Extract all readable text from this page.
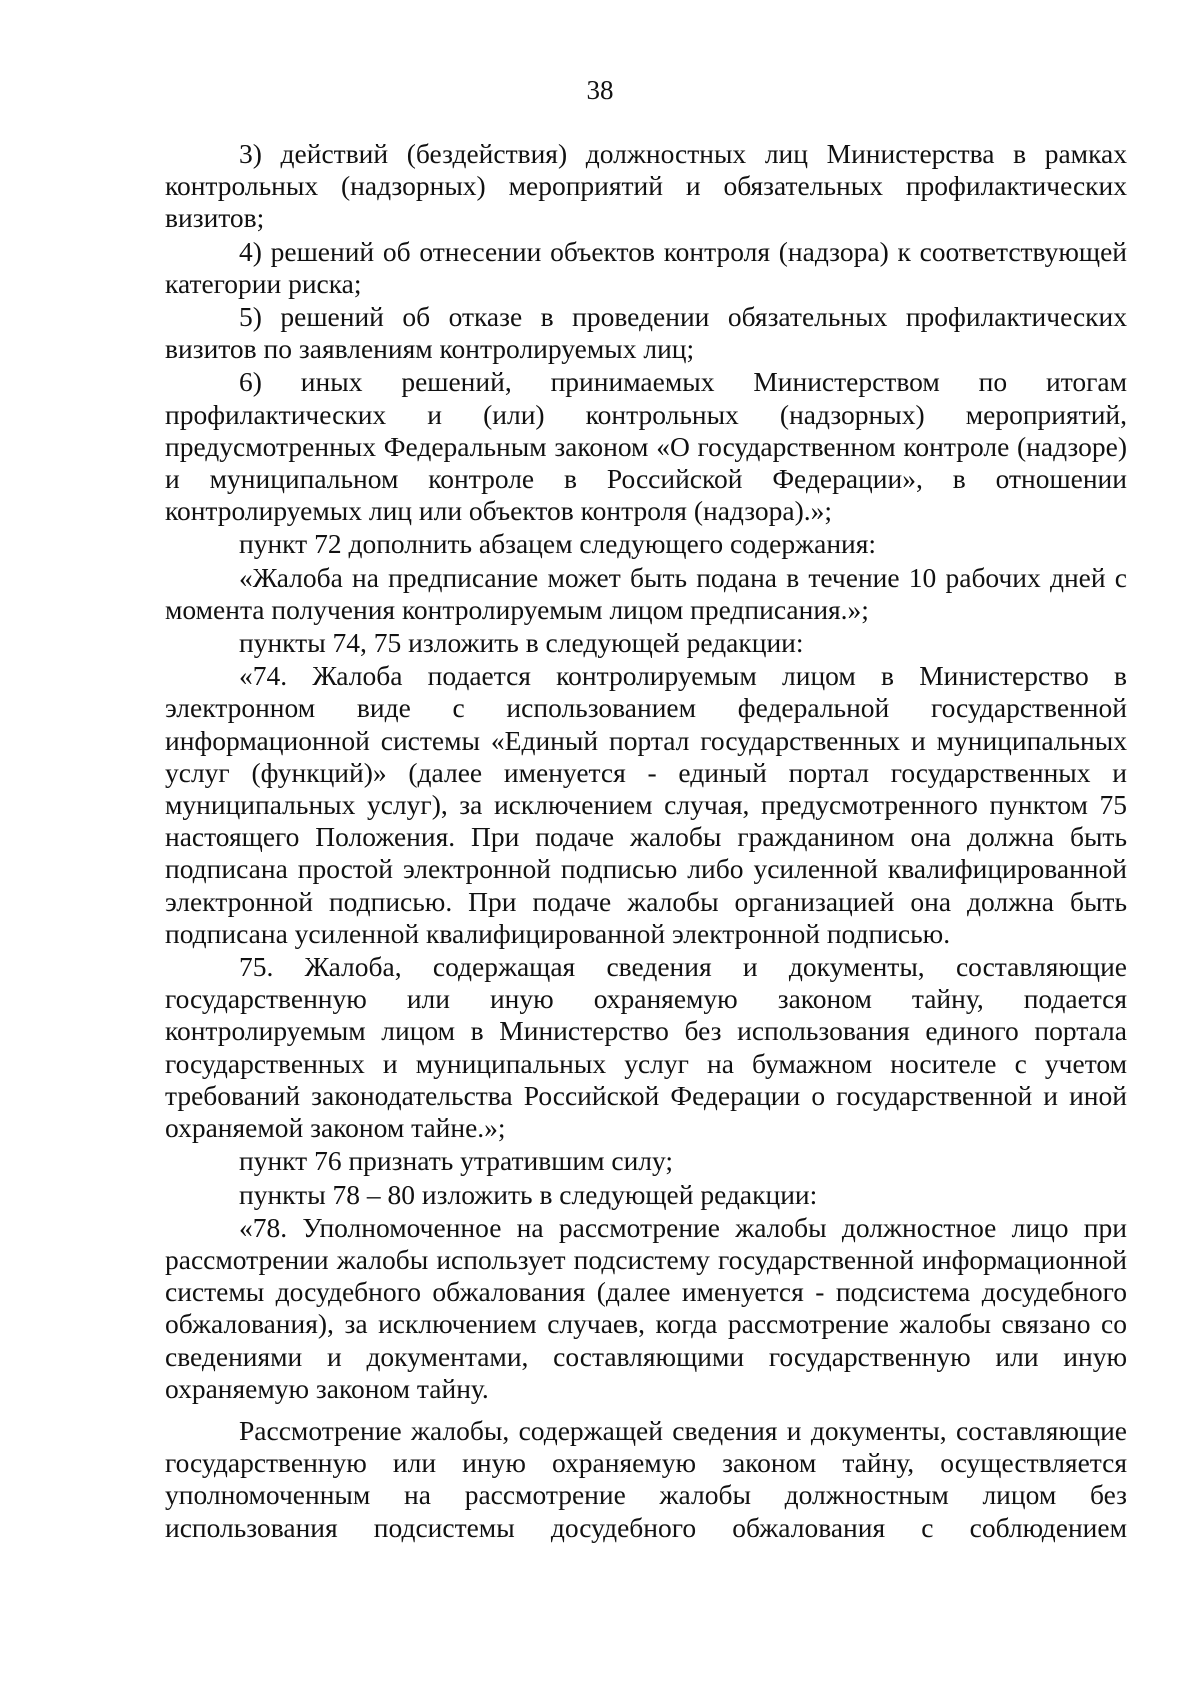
38

3) действий (бездействия) должностных лиц Министерства в рамках контрольных (надзорных) мероприятий и обязательных профилактических визитов;

4) решений об отнесении объектов контроля (надзора) к соответствующей категории риска;

5) решений об отказе в проведении обязательных профилактических визитов по заявлениям контролируемых лиц;

6) иных решений, принимаемых Министерством по итогам профилактических и (или) контрольных (надзорных) мероприятий, предусмотренных Федеральным законом «О государственном контроле (надзоре) и муниципальном контроле в Российской Федерации», в отношении контролируемых лиц или объектов контроля (надзора).»;

пункт 72 дополнить абзацем следующего содержания:

«Жалоба на предписание может быть подана в течение 10 рабочих дней с момента получения контролируемым лицом предписания.»;

пункты 74, 75 изложить в следующей редакции:

«74. Жалоба подается контролируемым лицом в Министерство в электронном виде с использованием федеральной государственной информационной системы «Единый портал государственных и муниципальных услуг (функций)» (далее именуется - единый портал государственных и муниципальных услуг), за исключением случая, предусмотренного пунктом 75 настоящего Положения. При подаче жалобы гражданином она должна быть подписана простой электронной подписью либо усиленной квалифицированной электронной подписью. При подаче жалобы организацией она должна быть подписана усиленной квалифицированной электронной подписью.

75. Жалоба, содержащая сведения и документы, составляющие государственную или иную охраняемую законом тайну, подается контролируемым лицом в Министерство без использования единого портала государственных и муниципальных услуг на бумажном носителе с учетом требований законодательства Российской Федерации о государственной и иной охраняемой законом тайне.»;

пункт 76 признать утратившим силу;

пункты 78 – 80 изложить в следующей редакции:

«78. Уполномоченное на рассмотрение жалобы должностное лицо при рассмотрении жалобы использует подсистему государственной информационной системы досудебного обжалования (далее именуется - подсистема досудебного обжалования), за исключением случаев, когда рассмотрение жалобы связано со сведениями и документами, составляющими государственную или иную охраняемую законом тайну.

Рассмотрение жалобы, содержащей сведения и документы, составляющие государственную или иную охраняемую законом тайну, осуществляется уполномоченным на рассмотрение жалобы должностным лицом без использования подсистемы досудебного обжалования с соблюдением
